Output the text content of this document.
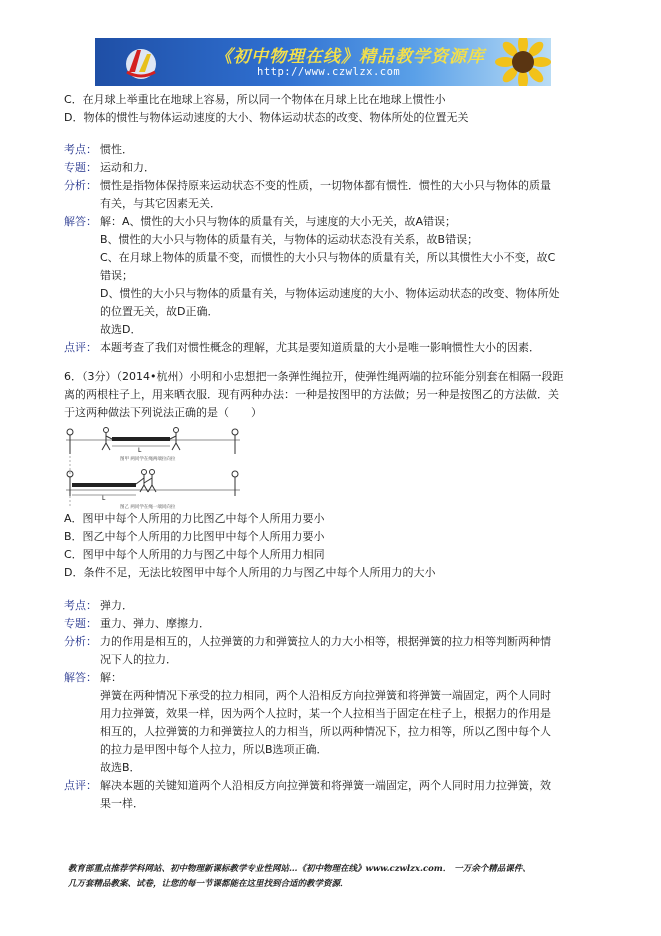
《初中物理在线》精品教学资源库
http://www.czwlzx.com
C．在月球上举重比在地球上容易，所以同一个物体在月球上比在地球上惯性小
D．物体的惯性与物体运动速度的大小、物体运动状态的改变、物体所处的位置无关
考点： 惯性．
专题： 运动和力．
分析： 惯性是指物体保持原来运动状态不变的性质，一切物体都有惯性．惯性的大小只与物体的质量
有关，与其它因素无关．
解答： 解：A、惯性的大小只与物体的质量有关，与速度的大小无关，故A错误；
B、惯性的大小只与物体的质量有关，与物体的运动状态没有关系，故B错误；
C、在月球上物体的质量不变，而惯性的大小只与物体的质量有关，所以其惯性大小不变，故C
错误；
D、惯性的大小只与物体的质量有关，与物体运动速度的大小、物体运动状态的改变、物体所处
的位置无关，故D正确．
故选D．
点评： 本题考查了我们对惯性概念的理解，尤其是要知道质量的大小是唯一影响惯性大小的因素．
6．（3分）（2014•杭州）小明和小忠想把一条弹性绳拉开，使弹性绳两端的拉环能分别套在相隔一段距
离的两根柱子上，用来晒衣服．现有两种办法：一种是按图甲的方法做；另一种是按图乙的方法做．关
于这两种做法下列说法正确的是（　　）
L
图甲 两同学在绳两端拉向拉
L
图乙 两同学在绳一端同向拉
A．图甲中每个人所用的力比图乙中每个人所用力要小
B．图乙中每个人所用的力比图甲中每个人所用力要小
C．图甲中每个人所用的力与图乙中每个人所用力相同
D．条件不足，无法比较图甲中每个人所用的力与图乙中每个人所用力的大小
考点： 弹力．
专题： 重力、弹力、摩擦力．
分析： 力的作用是相互的，人拉弹簧的力和弹簧拉人的力大小相等，根据弹簧的拉力相等判断两种情
况下人的拉力．
解答： 解：
弹簧在两种情况下承受的拉力相同，两个人沿相反方向拉弹簧和将弹簧一端固定，两个人同时
用力拉弹簧，效果一样，因为两个人拉时，某一个人拉相当于固定在柱子上，根据力的作用是
相互的，人拉弹簧的力和弹簧拉人的力相当，所以两种情况下，拉力相等，所以乙图中每个人
的拉力是甲图中每个人拉力，所以B选项正确．
故选B．
点评： 解决本题的关键知道两个人沿相反方向拉弹簧和将弹簧一端固定，两个人同时用力拉弹簧，效
果一样．
教育部重点推荐学科网站、初中物理新课标教学专业性网站…《初中物理在线》www.czwlzx.com． 一万余个精品课件、
几万套精品教案、试卷，让您的每一节课都能在这里找到合适的教学资源．
